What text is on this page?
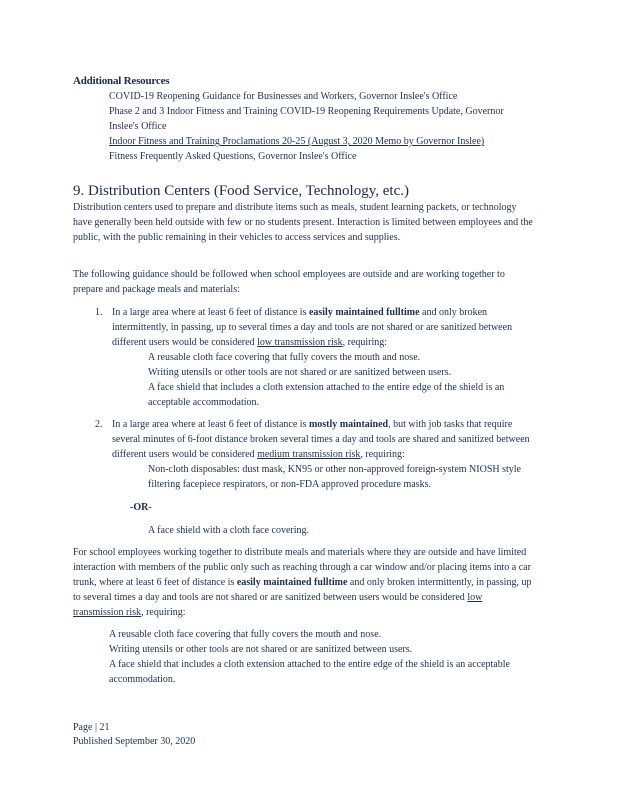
Additional Resources
COVID-19 Reopening Guidance for Businesses and Workers, Governor Inslee's Office
Phase 2 and 3 Indoor Fitness and Training COVID-19 Reopening Requirements Update, Governor Inslee's Office
Indoor Fitness and Training Proclamations 20-25 (August 3, 2020 Memo by Governor Inslee)
Fitness Frequently Asked Questions, Governor Inslee's Office
9. Distribution Centers (Food Service, Technology, etc.)

Distribution centers used to prepare and distribute items such as meals, student learning packets, or technology have generally been held outside with few or no students present. Interaction is limited between employees and the public, with the public remaining in their vehicles to access services and supplies.

The following guidance should be followed when school employees are outside and are working together to prepare and package meals and materials:

1. In a large area where at least 6 feet of distance is easily maintained fulltime and only broken intermittently, in passing, up to several times a day and tools are not shared or are sanitized between different users would be considered low transmission risk, requiring:
A reusable cloth face covering that fully covers the mouth and nose.
Writing utensils or other tools are not shared or are sanitized between users.
A face shield that includes a cloth extension attached to the entire edge of the shield is an acceptable accommodation.
2. In a large area where at least 6 feet of distance is mostly maintained, but with job tasks that require several minutes of 6-foot distance broken several times a day and tools are shared and sanitized between different users would be considered medium transmission risk, requiring:
Non-cloth disposables: dust mask, KN95 or other non-approved foreign-system NIOSH style filtering facepiece respirators, or non-FDA approved procedure masks.
-OR-
A face shield with a cloth face covering.

For school employees working together to distribute meals and materials where they are outside and have limited interaction with members of the public only such as reaching through a car window and/or placing items into a car trunk, where at least 6 feet of distance is easily maintained fulltime and only broken intermittently, in passing, up to several times a day and tools are not shared or are sanitized between users would be considered low transmission risk, requiring:

A reusable cloth face covering that fully covers the mouth and nose.
Writing utensils or other tools are not shared or are sanitized between users.
A face shield that includes a cloth extension attached to the entire edge of the shield is an acceptable accommodation.
Page | 21
Published September 30, 2020
